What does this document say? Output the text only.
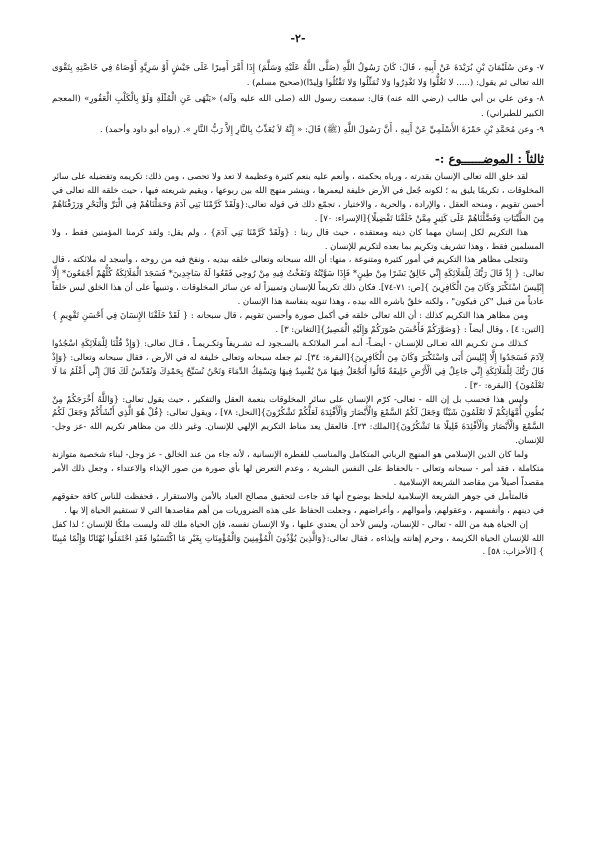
-٢-

٧- وعن سُلَيْمَانَ بْنِ بُرَيْدَةَ عَنْ أَبِيهِ ، قَالَ: كَانَ رَسُولُ اللَّهِ (صَلَّى اللَّهُ عَلَيْهِ وَسَلَّمَ) إِذَا أَمَّرَ أَمِيرًا عَلَى جَيْشٍ أَوْ سَرِيَّةٍ أَوْصَاهُ فِي خَاصَّتِهِ بِتَقْوَى الله تعالى ثم يقول: (..... لا تَغُلُّوا وَلا تَغْدِرُوا وَلا تُمَثِّلُوا وَلا تَقْتُلُوا وَلِيدًا)(صحيح مسلم) .

٨- وعن علي بن أبي طالب (رضي الله عنه) قال: سمعت رسول الله (صلى الله عليه وآله) «يَنْهَى عَنِ الْمُثْلَةِ وَلَوْ بِالْكَلْبِ الْعَقُورِ» (المعجم الكبير للطبراني) .

٩- وعن مُحَمَّدِ بْنِ حَمْزَةَ الأَسْلَمِيِّ عَنْ أَبِيهِ ، أَنَّ رَسُولَ اللَّهِ (ﷺ) قَالَ: « إِنَّهُ لاَ يُعَذِّبُ بِالنَّارِ إِلاَّ رَبُّ النَّارِ ». (رواه أبو داود وأحمد) .

ثالثاً : الموضــــــوع :-

لقد خلق الله تعالى الإنسان بقدرته ، ورباه بحكمته ، وأنعم عليه بنعم كثيرة وعظيمة لا تعد ولا تحصى ، ومن ذلك: تكريمه وتفضيله على سائر المخلوقات ، تكريمًا يليق به ؛ لكونه جُعل في الأرض خليفة ليعمرها ، وينشر منهج الله بين ربوعها ، ويقيم شريعته فيها ، حيث خلقه الله تعالى في أحسن تقويم ، ومنحه العقل ، والإرادة ، والحرية ، والاختيار ، تجمّع ذلك في قوله تعالى:{وَلَقَدْ كَرَّمْنَا بَنِي آدَمَ وَحَمَلْنَاهُمْ فِي الْبَرِّ وَالْبَحْرِ وَرَزَقْنَاهُمْ مِنَ الطَّيِّبَاتِ وَفَضَّلْنَاهُمْ عَلَى كَثِيرٍ مِمَّنْ خَلَقْنَا تَفْضِيلًا}[الإسراء: ٧٠] .

هذا التكريم لكل إنسان مهما كان دينه ومعتقده ، حيث قال ربنا : {وَلَقَدْ كَرَّمْنَا بَنِي آدَمَ} ، ولم يقل: ولقد كرمنا المؤمنين فقط ، ولا المسلمين فقط ، وهذا تشريف وتكريم بما بعده لتكريم للإنسان .

وتتجلى مظاهر هذا التكريم في أمور كثيرة ومتنوعة ، منها: أن الله سبحانه وتعالى خلقه بيديه ، ونفخ فيه من روحه ، وأسجد له ملائكته ، قال تعالى: { إِذْ قَالَ رَبُّكَ لِلْمَلَائِكَةِ إِنِّي خَالِقٌ بَشَرًا مِنْ طِينٍ* فَإِذَا سَوَّيْتُهُ وَنَفَخْتُ فِيهِ مِنْ رُوحِي فَقَعُوا لَهُ سَاجِدِينَ* فَسَجَدَ الْمَلَائِكَةُ كُلُّهُمْ أَجْمَعُونَ* إِلَّا إِبْلِيسَ اسْتَكْبَرَ وَكَانَ مِنَ الْكَافِرِينَ }[ص: ٧١-٧٤]. فكان ذلك تكريماً للإنسان وتمييزاً له عن سائر المخلوقات ، وتنبيهاً على أن هذا الخلق ليس خلقاً عادياً من قبيل "كن فيكون" ، ولكنه خلقٌ باشره الله بيده ، وهذا تنويه بنفاسة هذا الإنسان .

ومن مظاهر هذا التكريم كذلك : أن الله تعالى خلقه في أكمل صورة وأحسن تقويم ، قال سبحانه : { لَقَدْ خَلَقْنَا الإِنسَانَ فِي أَحْسَنِ تَقْوِيمٍ }[التين: ٤] ، وقال أيضاً : {وَصَوَّرَكُمْ فَأَحْسَنَ صُوَرَكُمْ وَإِلَيْهِ الْمَصِيرُ}[التغابن: ٣] .

كـذلك مـن تكـريم الله تعـالى للإنسـان - أيضـاً- أنـه أمـر الملائكـة بالسـجود لـه تشـريفاً وتكـريمـاً ، قـال تعالى: {وَإِذْ قُلْنَا لِلْمَلَائِكَةِ اسْجُدُوا لِآدَمَ فَسَجَدُوا إِلَّا إِبْلِيسَ أَبَى وَاسْتَكْبَرَ وَكَانَ مِنَ الْكَافِرِينَ}[البقرة: ٣٤]. ثم جعله سبحانه وتعالى خليفة له في الأرض ، فقال سبحانه وتعالى: {وَإِذْ قَالَ رَبُّكَ لِلْمَلَائِكَةِ إِنِّي جَاعِلٌ فِي الْأَرْضِ خَلِيفَةً قَالُوا أَتَجْعَلُ فِيهَا مَنْ يُفْسِدُ فِيهَا وَيَسْفِكُ الدِّمَاءَ وَنَحْنُ نُسَبِّحُ بِحَمْدِكَ وَنُقَدِّسُ لَكَ قَالَ إِنِّي أَعْلَمُ مَا لَا تَعْلَمُونَ} [البقرة: ٣٠] .

وليس هذا فحسب بل إن الله - تعالى- كرّم الإنسان على سائر المخلوقات بنعمة العقل والتفكير ، حيث يقول تعالى: {وَاللَّهُ أَخْرَجَكُمْ مِنْ بُطُونِ أُمَّهَاتِكُمْ لَا تَعْلَمُونَ شَيْئًا وَجَعَلَ لَكُمُ السَّمْعَ وَالْأَبْصَارَ وَالْأَفْئِدَةَ لَعَلَّكُمْ تَشْكُرُونَ}[النحل: ٧٨] ، ويقول تعالى: {قُلْ هُوَ الَّذِي أَنْشَأَكُمْ وَجَعَلَ لَكُمُ السَّمْعَ وَالْأَبْصَارَ وَالْأَفْئِدَةَ قَلِيلًا مَا تَشْكُرُونَ}[الملك: ٢٣]. فالعقل يعد مناط التكريم الإلهي للإنسان. وغير ذلك من مظاهر تكريم الله -عز وجل- للإنسان.

ولما كان الدين الإسلامي هو المنهج الرباني المتكامل والمناسب للفطرة الإنسانية ، لأنه جاء من عند الخالق - عز وجل- لبناء شخصية متوازنة متكاملة ، فقد أمر - سبحانه وتعالى - بالحفاظ على النفس البشرية ، وعدم التعرض لها بأي صورة من صور الإيذاء والاعتداء ، وجعل ذلك الأمر مقصداً أصيلاً من مقاصد الشريعة الإسلامية .

فالمتأمل في جوهر الشريعة الإسلامية ليلحظ بوضوح أنها قد جاءت لتحقيق مصالح العباد بالأمن والاستقرار ، فحفظت للناس كافة حقوقهم في دينهم ، وأنفسهم ، وعقولهم، وأموالهم ، وأعراضهم ، وجعلت الحفاظ على هذه الضروريات من أهم مقاصدها التي لا تستقيم الحياة إلا بها .

إن الحياة هبة من الله - تعالى - للإنسان، وليس لأحد أن يعتدي عليها ، ولا الإنسان نفسه، فإن الحياة ملك لله وليست ملكًا للإنسان ؛ لذا كفل الله للإنسان الحياة الكريمة ، وحرم إهانته وإيذاءه ، فقال تعالى:{وَالَّذِينَ يُؤْذُونَ الْمُؤْمِنِينَ وَالْمُؤْمِنَاتِ بِغَيْرِ مَا اكْتَسَبُوا فَقَدِ احْتَمَلُوا بُهْتَانًا وَإِثْمًا مُبِينًا } [الأحزاب: ٥٨] .
